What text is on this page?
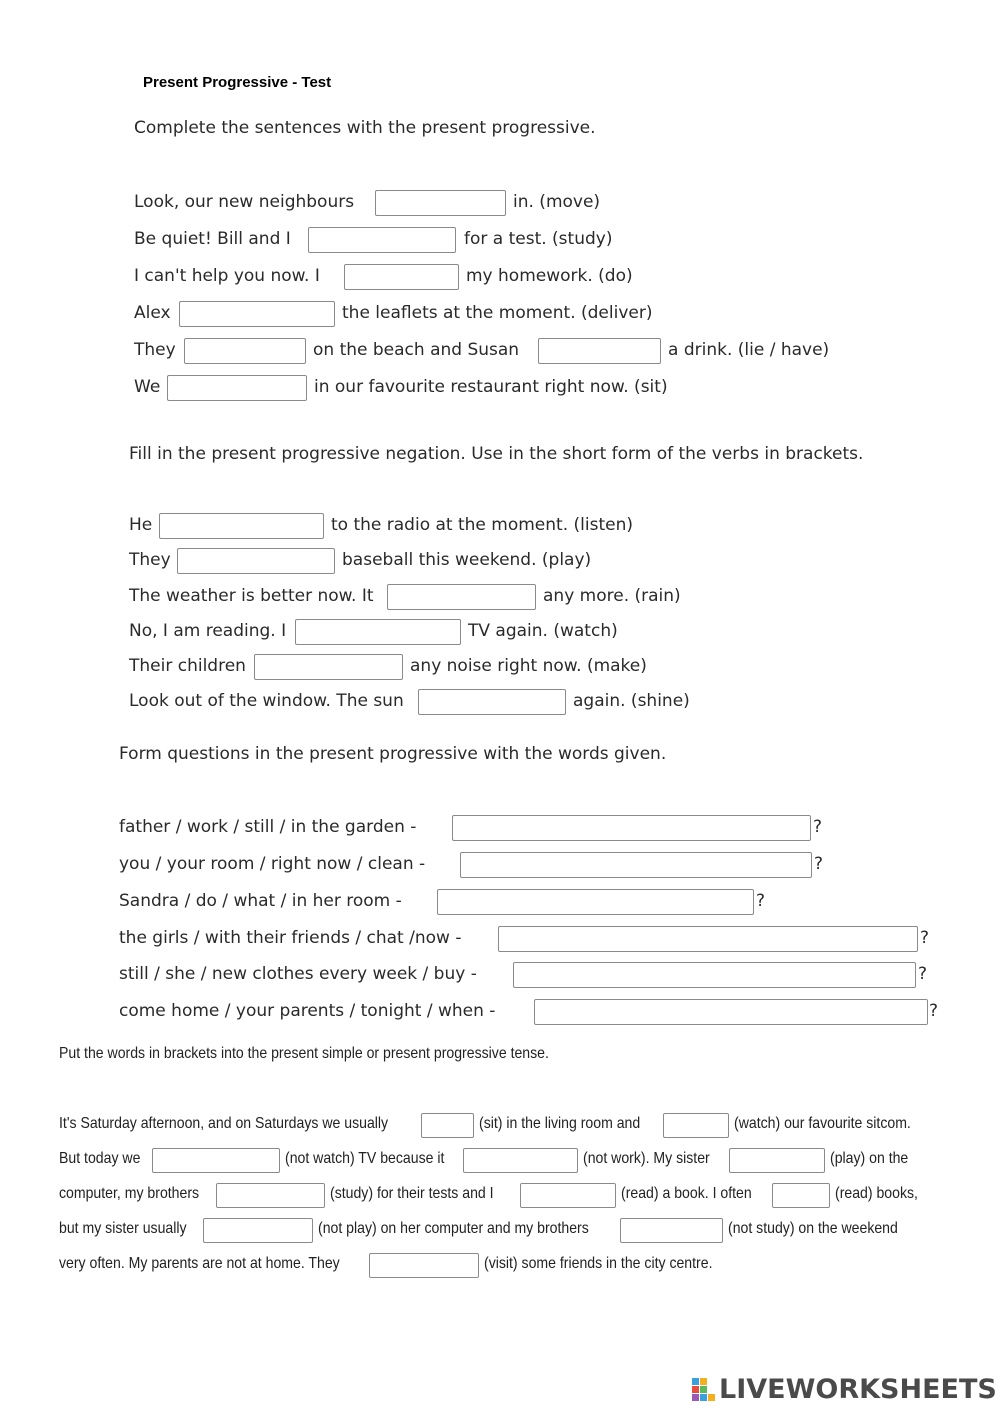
Present Progressive - Test
Complete the sentences with the present progressive.
Look, our new neighbours	in. (move)
Be quiet! Bill and I	for a test. (study)
I can't help you now. I	my homework. (do)
Alex	the leaflets at the moment. (deliver)
They	on the beach and Susan	a drink. (lie / have)
We	in our favourite restaurant right now. (sit)
Fill in the present progressive negation. Use in the short form of the verbs in brackets.
He	to the radio at the moment. (listen)
They	baseball this weekend. (play)
The weather is better now. It	any more. (rain)
No, I am reading. I	TV again. (watch)
Their children	any noise right now. (make)
Look out of the window. The sun	again. (shine)
Form questions in the present progressive with the words given.
father / work / still / in the garden -	?
you / your room / right now / clean -	?
Sandra / do / what / in her room -	?
the girls / with their friends / chat /now -	?
still / she / new clothes every week / buy -	?
come home / your parents / tonight / when -	?
Put the words in brackets into the present simple or present progressive tense.
It's Saturday afternoon, and on Saturdays we usually	(sit) in the living room and	(watch) our favourite sitcom.
But today we	(not watch) TV because it	(not work). My sister	(play) on the
computer, my brothers	(study) for their tests and I	(read) a book. I often	(read) books,
but my sister usually	(not play) on her computer and my brothers	(not study) on the weekend
very often. My parents are not at home. They	(visit) some friends in the city centre.
LIVEWORKSHEETS
